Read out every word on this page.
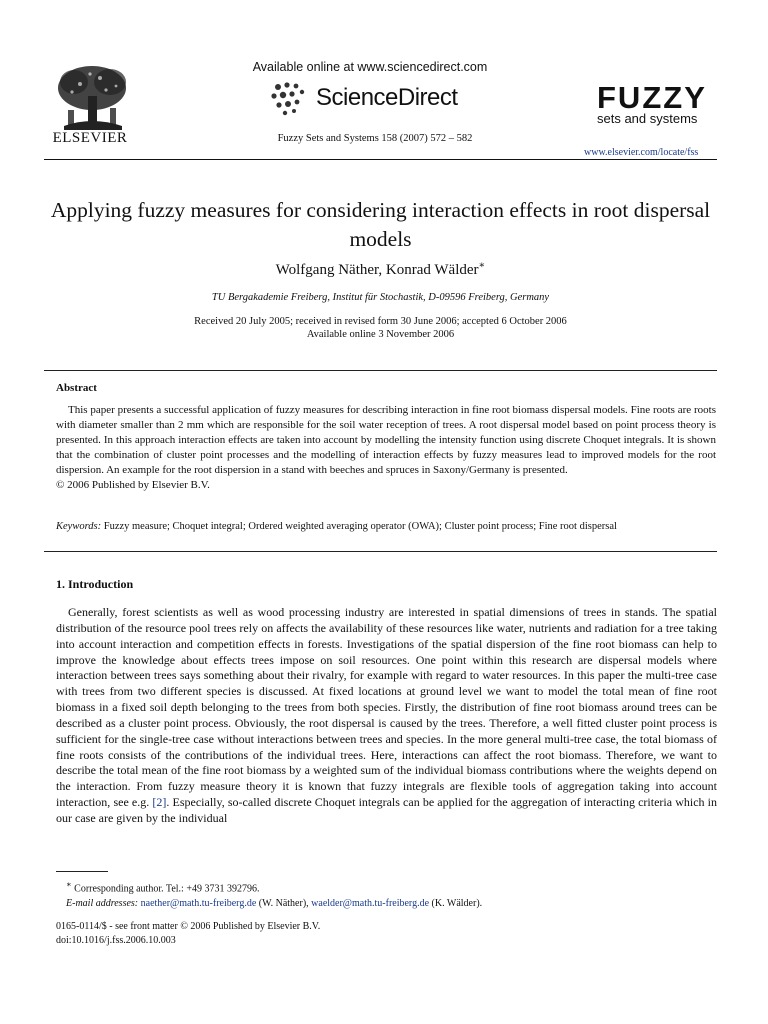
ELSEVIER
Available online at www.sciencedirect.com
ScienceDirect
Fuzzy Sets and Systems 158 (2007) 572 – 582
FUZZY
sets and systems
www.elsevier.com/locate/fss
Applying fuzzy measures for considering interaction effects in root dispersal models
Wolfgang Näther, Konrad Wälder∗
TU Bergakademie Freiberg, Institut für Stochastik, D-09596 Freiberg, Germany
Received 20 July 2005; received in revised form 30 June 2006; accepted 6 October 2006
Available online 3 November 2006
Abstract

This paper presents a successful application of fuzzy measures for describing interaction in fine root biomass dispersal models. Fine roots are roots with diameter smaller than 2 mm which are responsible for the soil water reception of trees. A root dispersal model based on point process theory is presented. In this approach interaction effects are taken into account by modelling the intensity function using discrete Choquet integrals. It is shown that the combination of cluster point processes and the modelling of interaction effects by fuzzy measures lead to improved models for the root dispersion. An example for the root dispersion in a stand with beeches and spruces in Saxony/Germany is presented.

© 2006 Published by Elsevier B.V.

Keywords: Fuzzy measure; Choquet integral; Ordered weighted averaging operator (OWA); Cluster point process; Fine root dispersal
1. Introduction

Generally, forest scientists as well as wood processing industry are interested in spatial dimensions of trees in stands. The spatial distribution of the resource pool trees rely on affects the availability of these resources like water, nutrients and radiation for a tree taking into account interaction and competition effects in forests. Investigations of the spatial dispersion of the fine root biomass can help to improve the knowledge about effects trees impose on soil resources. One point within this research are dispersal models where interaction between trees says something about their rivalry, for example with regard to water resources. In this paper the multi-tree case with trees from two different species is discussed. At fixed locations at ground level we want to model the total mean of fine root biomass in a fixed soil depth belonging to the trees from both species. Firstly, the distribution of fine root biomass around trees can be described as a cluster point process. Obviously, the root dispersal is caused by the trees. Therefore, a well fitted cluster point process is sufficient for the single-tree case without interactions between trees and species. In the more general multi-tree case, the total biomass of fine roots consists of the contributions of the individual trees. Here, interactions can affect the root biomass. Therefore, we want to describe the total mean of the fine root biomass by a weighted sum of the individual biomass contributions where the weights depend on the interaction. From fuzzy measure theory it is known that fuzzy integrals are flexible tools of aggregation taking into account interaction, see e.g. [2]. Especially, so-called discrete Choquet integrals can be applied for the aggregation of interacting criteria which in our case are given by the individual

∗ Corresponding author. Tel.: +49 3731 392796.
E-mail addresses: naether@math.tu-freiberg.de (W. Näther), waelder@math.tu-freiberg.de (K. Wälder).
0165-0114/$ - see front matter © 2006 Published by Elsevier B.V.
doi:10.1016/j.fss.2006.10.003
